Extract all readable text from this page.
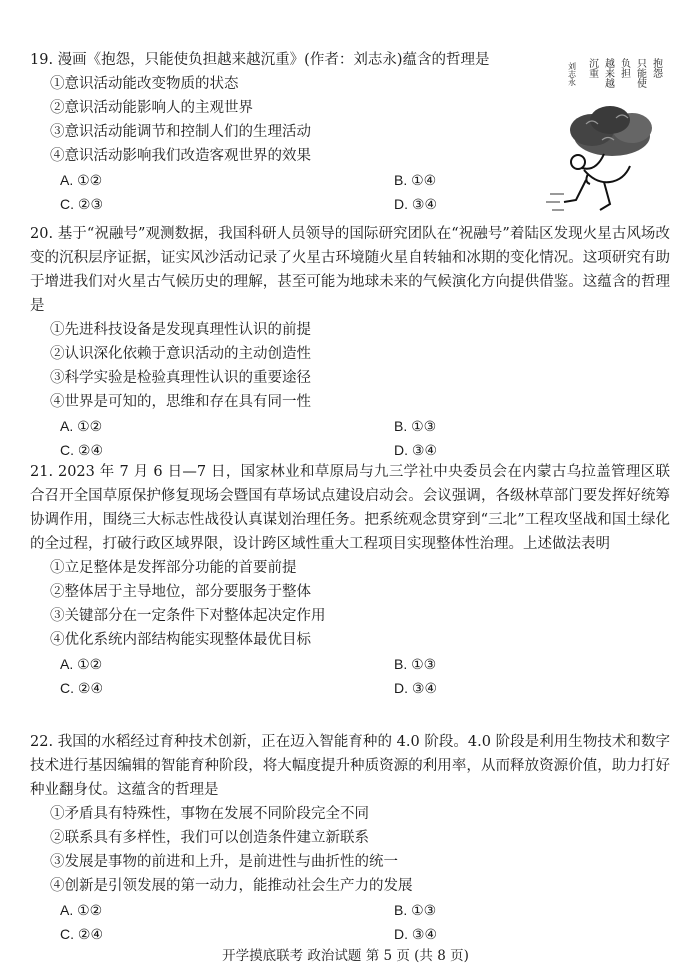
19. 漫画《抱怨，只能使负担越来越沉重》(作者：刘志永)蕴含的哲理是

①意识活动能改变物质的状态

②意识活动能影响人的主观世界

③意识活动能调节和控制人们的生理活动

④意识活动影响我们改造客观世界的效果

A. ①②	B. ①④
C. ②③	D. ③④
抱怨
只能使
负担
越来越
沉重
刘志永

20. 基于“祝融号”观测数据，我国科研人员领导的国际研究团队在“祝融号”着陆区发现火星古风场改变的沉积层序证据，证实风沙活动记录了火星古环境随火星自转轴和冰期的变化情况。这项研究有助于增进我们对火星古气候历史的理解，甚至可能为地球未来的气候演化方向提供借鉴。这蕴含的哲理是

①先进科技设备是发现真理性认识的前提

②认识深化依赖于意识活动的主动创造性

③科学实验是检验真理性认识的重要途径

④世界是可知的，思维和存在具有同一性

A. ①②	B. ①③
C. ②④	D. ③④

21. 2023 年 7 月 6 日—7 日，国家林业和草原局与九三学社中央委员会在内蒙古乌拉盖管理区联合召开全国草原保护修复现场会暨国有草场试点建设启动会。会议强调，各级林草部门要发挥好统筹协调作用，围绕三大标志性战役认真谋划治理任务。把系统观念贯穿到“三北”工程攻坚战和国土绿化的全过程，打破行政区域界限，设计跨区域性重大工程项目实现整体性治理。上述做法表明

①立足整体是发挥部分功能的首要前提

②整体居于主导地位，部分要服务于整体

③关键部分在一定条件下对整体起决定作用

④优化系统内部结构能实现整体最优目标

A. ①②	B. ①③
C. ②④	D. ③④

22. 我国的水稻经过育种技术创新，正在迈入智能育种的 4.0 阶段。4.0 阶段是利用生物技术和数字技术进行基因编辑的智能育种阶段，将大幅度提升种质资源的利用率，从而释放资源价值，助力打好种业翻身仗。这蕴含的哲理是

①矛盾具有特殊性，事物在发展不同阶段完全不同

②联系具有多样性，我们可以创造条件建立新联系

③发展是事物的前进和上升，是前进性与曲折性的统一

④创新是引领发展的第一动力，能推动社会生产力的发展

A. ①②	B. ①③
C. ②④	D. ③④
开学摸底联考 政治试题 第 5 页 (共 8 页)
